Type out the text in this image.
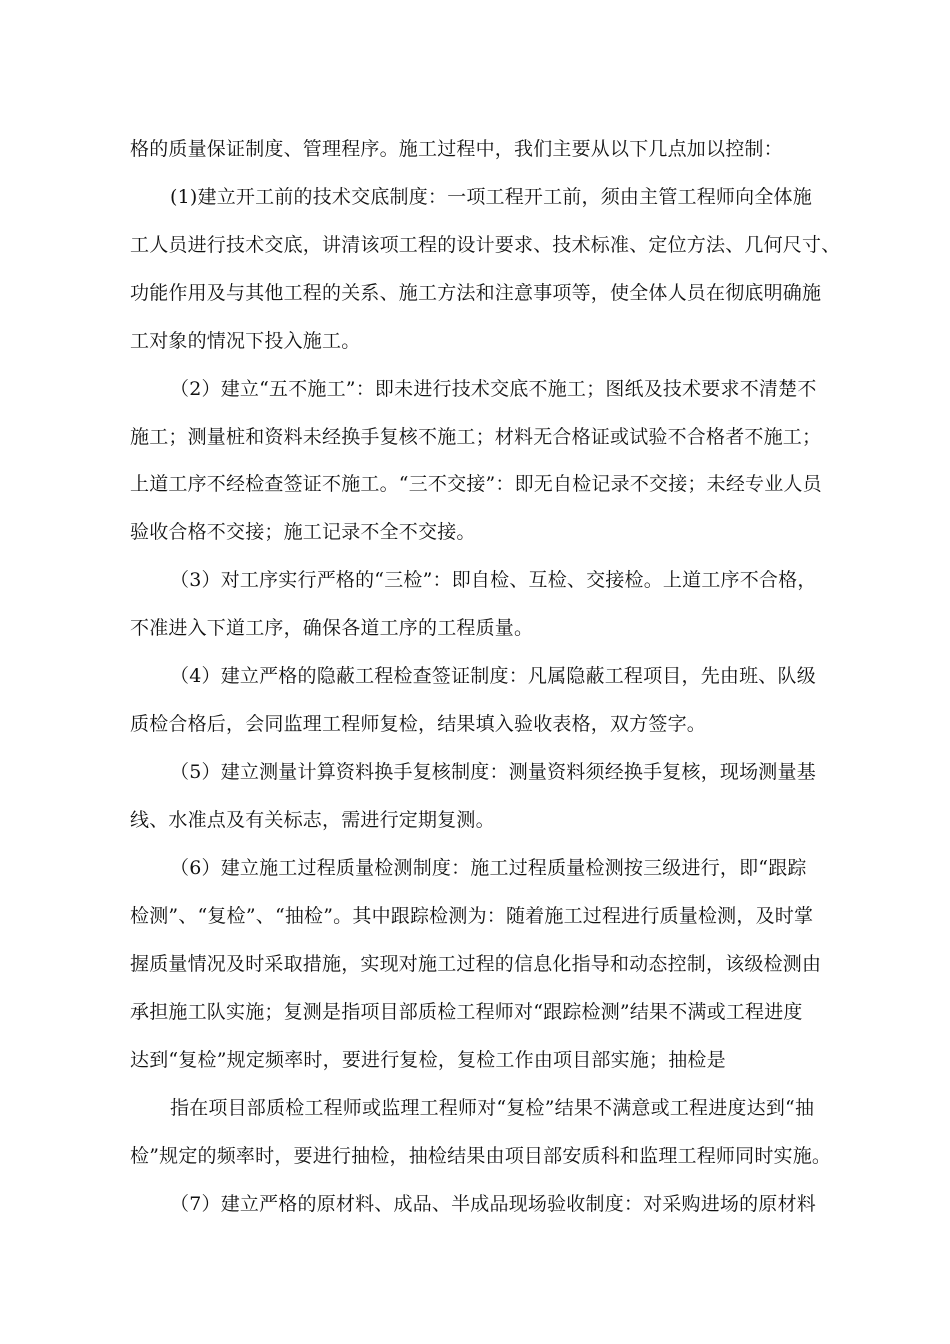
格的质量保证制度、管理程序。施工过程中，我们主要从以下几点加以控制：
(1)建立开工前的技术交底制度：一项工程开工前，须由主管工程师向全体施
工人员进行技术交底，讲清该项工程的设计要求、技术标准、定位方法、几何尺寸、
功能作用及与其他工程的关系、施工方法和注意事项等，使全体人员在彻底明确施
工对象的情况下投入施工。
（2）建立“五不施工”：即未进行技术交底不施工；图纸及技术要求不清楚不
施工；测量桩和资料未经换手复核不施工；材料无合格证或试验不合格者不施工；
上道工序不经检查签证不施工。“三不交接”：即无自检记录不交接；未经专业人员
验收合格不交接；施工记录不全不交接。
（3）对工序实行严格的“三检”：即自检、互检、交接检。上道工序不合格，
不准进入下道工序，确保各道工序的工程质量。
（4）建立严格的隐蔽工程检查签证制度：凡属隐蔽工程项目，先由班、队级
质检合格后，会同监理工程师复检，结果填入验收表格，双方签字。
（5）建立测量计算资料换手复核制度：测量资料须经换手复核，现场测量基
线、水准点及有关标志，需进行定期复测。
（6）建立施工过程质量检测制度：施工过程质量检测按三级进行，即“跟踪
检测”、“复检”、“抽检”。其中跟踪检测为：随着施工过程进行质量检测，及时掌
握质量情况及时采取措施，实现对施工过程的信息化指导和动态控制，该级检测由
承担施工队实施；复测是指项目部质检工程师对“跟踪检测”结果不满或工程进度
达到“复检”规定频率时，要进行复检，复检工作由项目部实施；抽检是
指在项目部质检工程师或监理工程师对“复检”结果不满意或工程进度达到“抽
检”规定的频率时，要进行抽检，抽检结果由项目部安质科和监理工程师同时实施。
（7）建立严格的原材料、成品、半成品现场验收制度：对采购进场的原材料
